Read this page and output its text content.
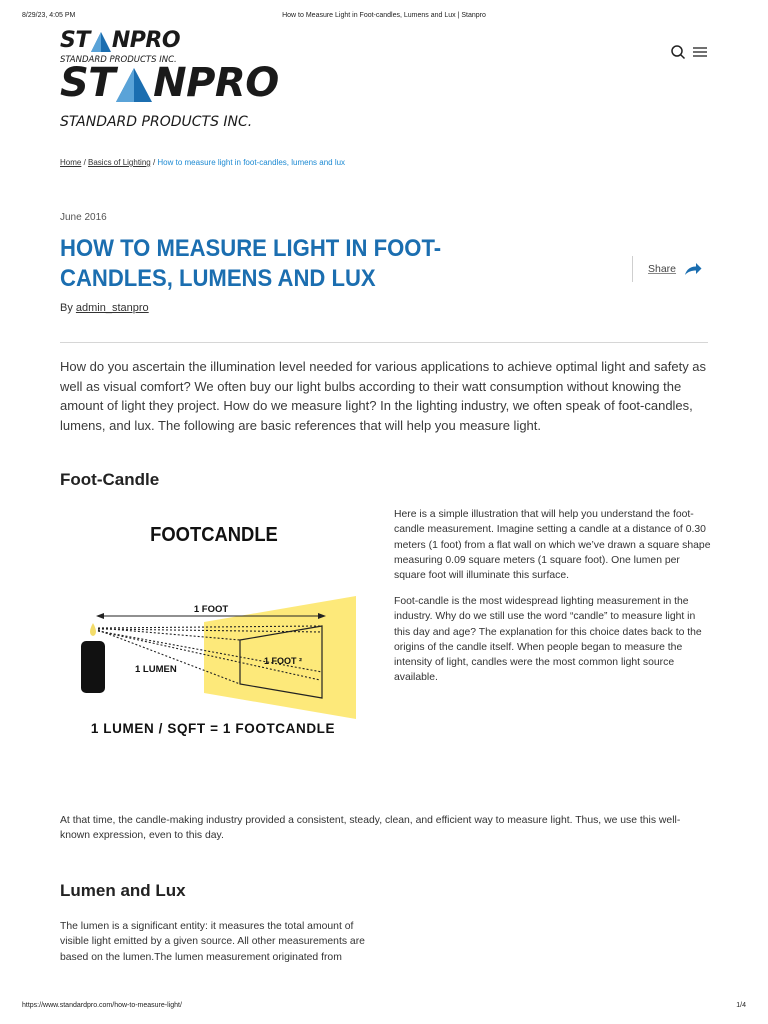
8/29/23, 4:05 PM	How to Measure Light in Foot-candles, Lumens and Lux | Stanpro
ST NPRO
STANDARD PRODUCTS INC.
ST NPRO
STANDARD PRODUCTS INC.
Home / Basics of Lighting / How to measure light in foot-candles, lumens and lux
June 2016
HOW TO MEASURE LIGHT IN FOOT-CANDLES, LUMENS AND LUX
By admin_stanpro
Share

How do you ascertain the illumination level needed for various applications to achieve optimal light and safety as well as visual comfort? We often buy our light bulbs according to their watt consumption without knowing the amount of light they project. How do we measure light? In the lighting industry, we often speak of foot-candles, lumens, and lux. The following are basic references that will help you measure light.

Foot-Candle
FOOTCANDLE
1 FOOT
1 LUMEN
1 FOOT ²
1 LUMEN / SQFT = 1 FOOTCANDLE

Here is a simple illustration that will help you understand the foot-candle measurement. Imagine setting a candle at a distance of 0.30 meters (1 foot) from a flat wall on which we’ve drawn a square shape measuring 0.09 square meters (1 square foot). One lumen per square foot will illuminate this surface.

Foot-candle is the most widespread lighting measurement in the industry. Why do we still use the word “candle” to measure light in this day and age? The explanation for this choice dates back to the origins of the candle itself. When people began to measure the intensity of light, candles were the most common light source available.

At that time, the candle-making industry provided a consistent, steady, clean, and efficient way to measure light. Thus, we use this well-known expression, even to this day.

Lumen and Lux

The lumen is a significant entity: it measures the total amount of visible light emitted by a given source. All other measurements are based on the lumen.The lumen measurement originated from

https://www.standardpro.com/how-to-measure-light/	1/4
